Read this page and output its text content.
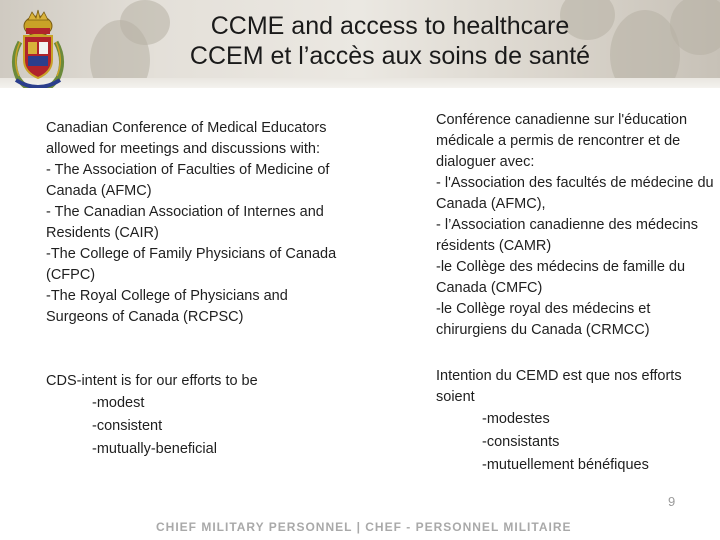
CCME and access to healthcare
CCEM et l’accès aux soins de santé

Canadian Conference of Medical Educators allowed for meetings and discussions with:

- The Association of Faculties of Medicine of Canada (AFMC)

- The Canadian Association of Internes and Residents (CAIR)

-The College of Family Physicians of Canada (CFPC)

-The Royal College of Physicians and Surgeons of Canada (RCPSC)

Conférence canadienne sur l'éducation médicale a permis de rencontrer et de dialoguer avec:

- l'Association des facultés de médecine du Canada (AFMC),

- l’Association canadienne des médecins résidents (CAMR)

-le Collège des médecins de famille du Canada (CMFC)

-le Collège royal des médecins et chirurgiens du Canada (CRMCC)

CDS-intent is for our efforts to be

-modest

-consistent

-mutually-beneficial

Intention du CEMD est que nos efforts soient

-modestes

-consistants

-mutuellement bénéfiques

9
CHIEF MILITARY PERSONNEL | CHEF - PERSONNEL MILITAIRE
